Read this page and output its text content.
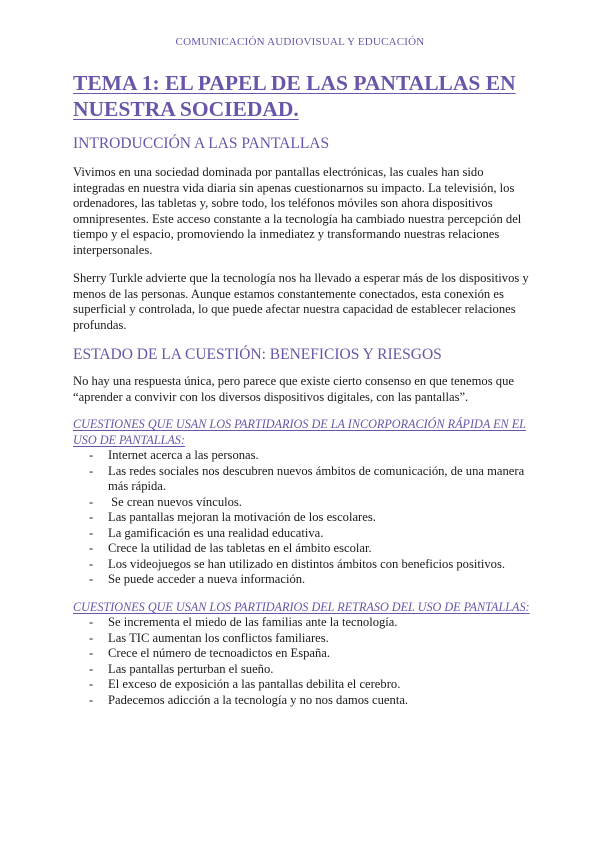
COMUNICACIÓN AUDIOVISUAL Y EDUCACIÓN
TEMA 1: EL PAPEL DE LAS PANTALLAS EN NUESTRA SOCIEDAD.
INTRODUCCIÓN A LAS PANTALLAS

Vivimos en una sociedad dominada por pantallas electrónicas, las cuales han sido integradas en nuestra vida diaria sin apenas cuestionarnos su impacto. La televisión, los ordenadores, las tabletas y, sobre todo, los teléfonos móviles son ahora dispositivos omnipresentes. Este acceso constante a la tecnología ha cambiado nuestra percepción del tiempo y el espacio, promoviendo la inmediatez y transformando nuestras relaciones interpersonales.

Sherry Turkle advierte que la tecnología nos ha llevado a esperar más de los dispositivos y menos de las personas. Aunque estamos constantemente conectados, esta conexión es superficial y controlada, lo que puede afectar nuestra capacidad de establecer relaciones profundas.

ESTADO DE LA CUESTIÓN: BENEFICIOS Y RIESGOS

No hay una respuesta única, pero parece que existe cierto consenso en que tenemos que “aprender a convivir con los diversos dispositivos digitales, con las pantallas”.

CUESTIONES QUE USAN LOS PARTIDARIOS DE LA INCORPORACIÓN RÁPIDA EN EL USO DE PANTALLAS:
- Internet acerca a las personas.
- Las redes sociales nos descubren nuevos ámbitos de comunicación, de una manera más rápida.
- Se crean nuevos vínculos.
- Las pantallas mejoran la motivación de los escolares.
- La gamificación es una realidad educativa.
- Crece la utilidad de las tabletas en el ámbito escolar.
- Los videojuegos se han utilizado en distintos ámbitos con beneficios positivos.
- Se puede acceder a nueva información.
CUESTIONES QUE USAN LOS PARTIDARIOS DEL RETRASO DEL USO DE PANTALLAS:
- Se incrementa el miedo de las familias ante la tecnología.
- Las TIC aumentan los conflictos familiares.
- Crece el número de tecnoadictos en España.
- Las pantallas perturban el sueño.
- El exceso de exposición a las pantallas debilita el cerebro.
- Padecemos adicción a la tecnología y no nos damos cuenta.
